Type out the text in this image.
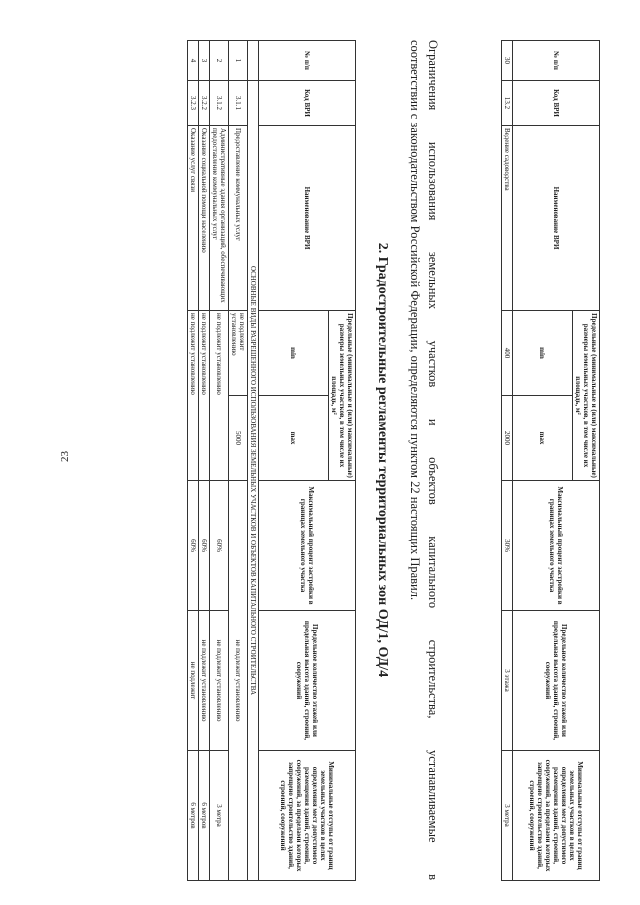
23
№ п/п	Код ВРИ	Наименование ВРИ	Предельные (минимальные и (или) максимальные) размеры земельных участков, в том числе их площадь, м²		Максимальный процент застройки в границах земельного участка	Предельное количество этажей или предельная высота зданий, строений, сооружений	Минимальные отступы от границ земельных участков в целях определения мест допустимого размещения зданий, строений, сооружений, за пределами которых запрещено строительство зданий, строений, сооружений
			min	max			
30	13.2	Ведение садоводства	400	2000	30%	3 этажа	3 метра
Ограничения использования земельных участков и объектов капитального строительства, устанавливаемые в
соответствии с законодательством Российской Федерации, определяются пунктом 22 настоящих Правил.
2. Градостроительные регламенты территориальных зон ОД/1, ОД/4
№ п/п	Код ВРИ	Наименование ВРИ	Предельные (минимальные и (или) максимальные) размеры земельных участков, в том числе их площадь, м²		Максимальный процент застройки в границах земельного участка	Предельное количество этажей или предельная высота зданий, строений, сооружений	Минимальные отступы от границ земельных участков в целях определения мест допустимого размещения зданий, строений, сооружений, за пределами которых запрещено строительство зданий, строений, сооружений
			min	max			
	ОСНОВНЫЕ ВИДЫ РАЗРЕШЕННОГО ИСПОЛЬЗОВАНИЯ ЗЕМЕЛЬНЫХ УЧАСТКОВ И ОБЪЕКТОВ КАПИТАЛЬНОГО СТРОИТЕЛЬСТВА						
1	3.1.1	Предоставление коммунальных услуг	не подлежит установлению	5000	не подлежит установлению		
2	3.1.2	Административные здания организаций, обеспечивающих предоставление коммунальных услуг	не подлежит установлению		60%	не подлежит установлению	3 метра
3	3.2.2	Оказание социальной помощи населению	не подлежит установлению		60%	не подлежит установлению	6 метров
4	3.2.3	Оказание услуг связи	не подлежит установлению		60%	не подлежит	6 метров
